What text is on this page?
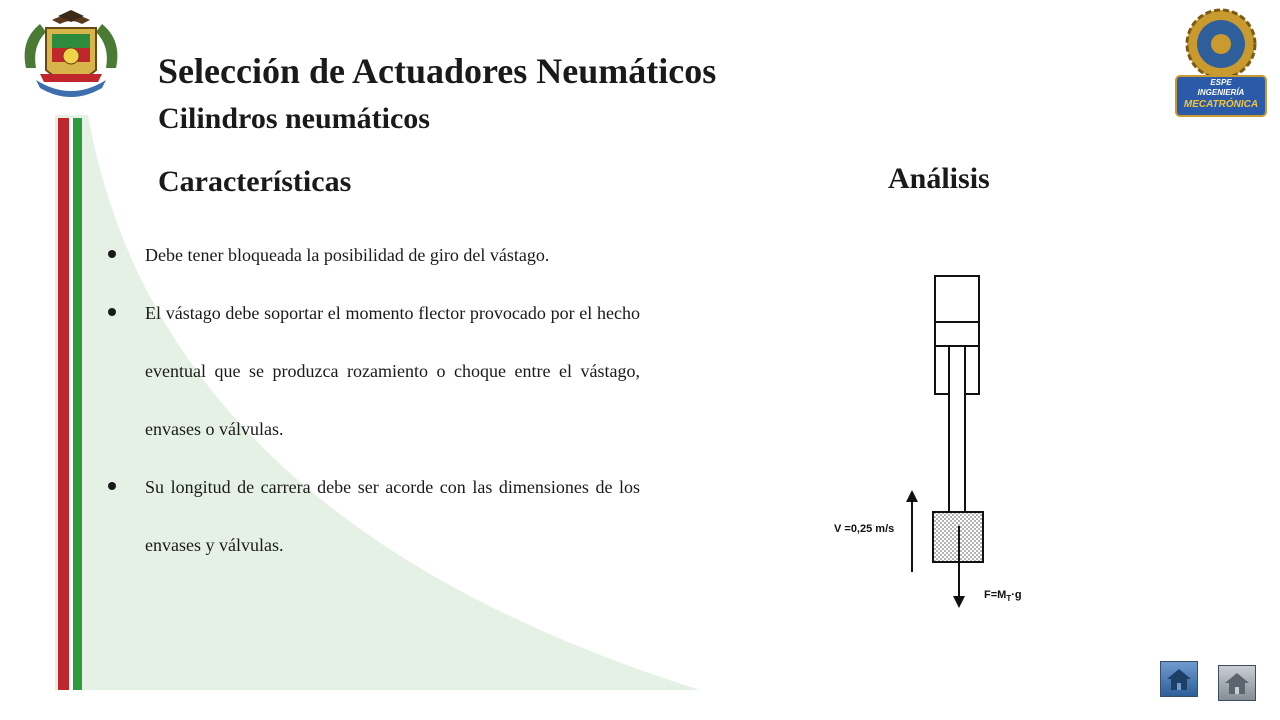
ESPE
INGENIERÍA
MECATRÓNICA
Selección de Actuadores Neumáticos
Cilindros neumáticos
Características	Análisis
Debe tener bloqueada la posibilidad de giro del vástago.
El vástago debe soportar el momento flector provocado por el hecho eventual que se produzca rozamiento o choque entre el vástago, envases o válvulas.
Su longitud de carrera debe ser acorde con las dimensiones de los envases y válvulas.
V =0,25 m/s
$F=M_T\cdot g$
